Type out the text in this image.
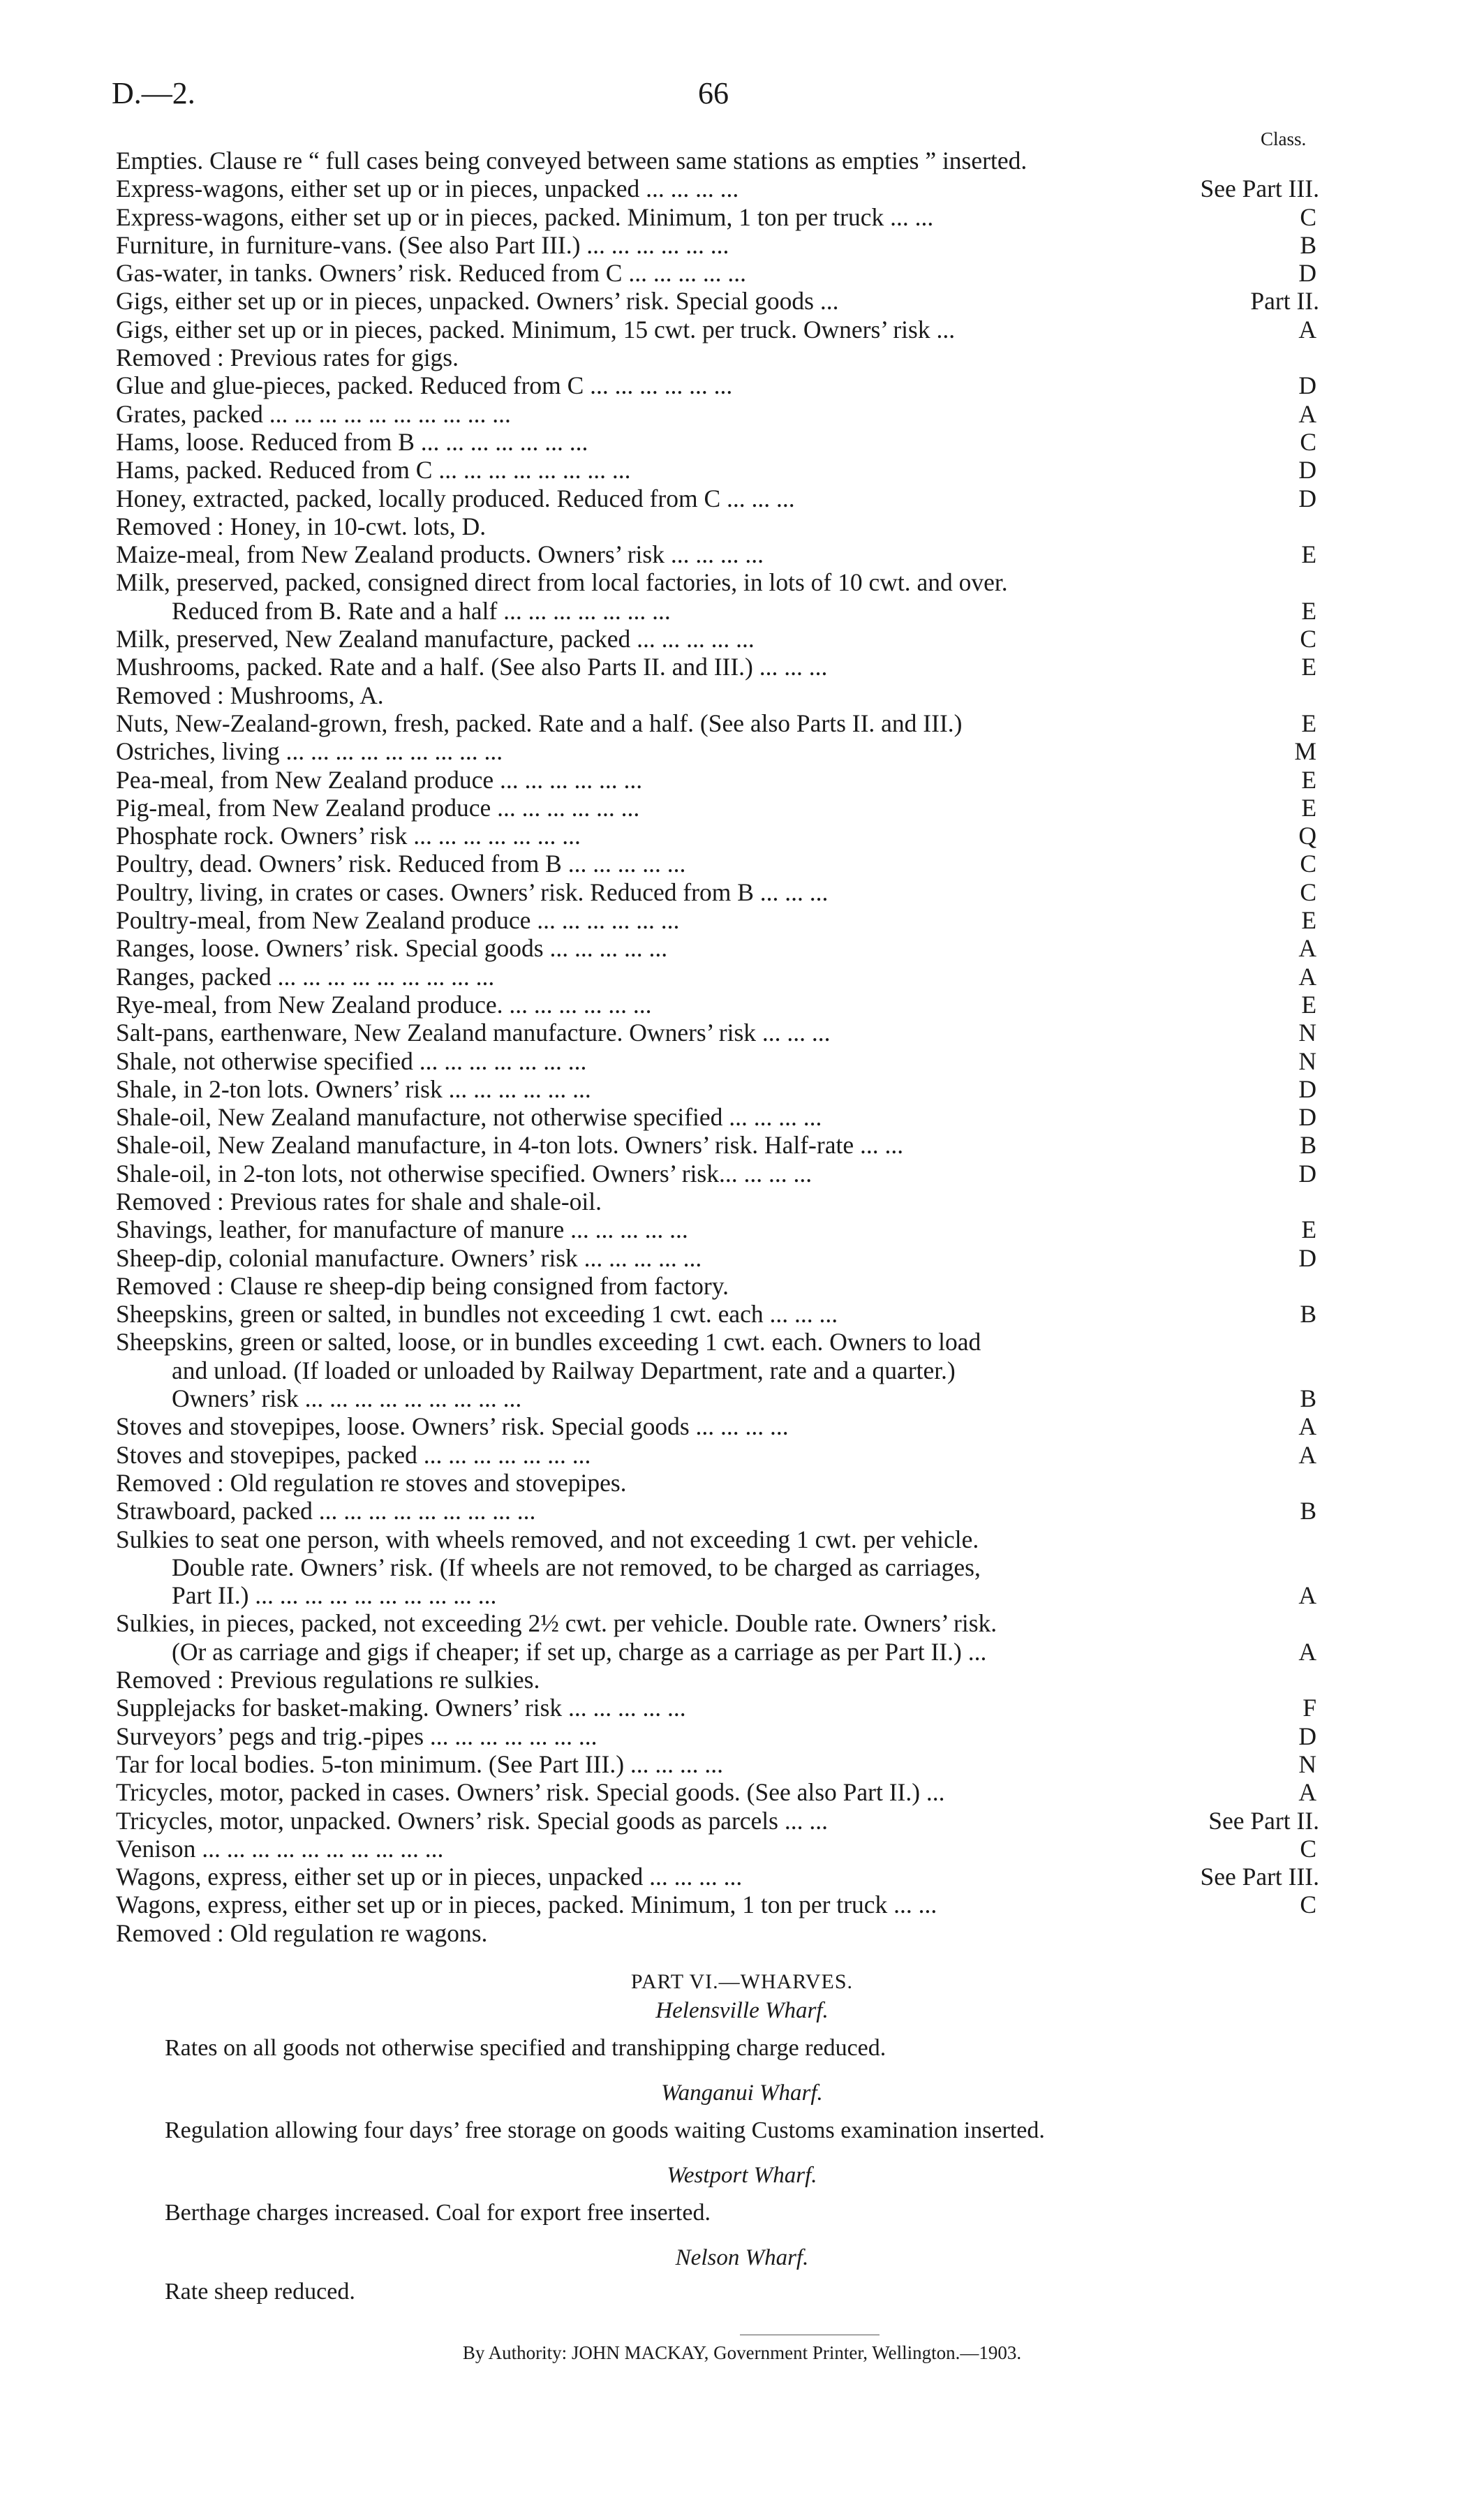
D.—2.	66
Class.
Empties. Clause re “ full cases being conveyed between same stations as empties ” inserted.
Express-wagons, either set up or in pieces, unpacked ... ... ... ...	See Part III.
Express-wagons, either set up or in pieces, packed. Minimum, 1 ton per truck ... ...	C
Furniture, in furniture-vans. (See also Part III.) ... ... ... ... ... ...	B
Gas-water, in tanks. Owners’ risk. Reduced from C ... ... ... ... ...	D
Gigs, either set up or in pieces, unpacked. Owners’ risk. Special goods ...	Part II.
Gigs, either set up or in pieces, packed. Minimum, 15 cwt. per truck. Owners’ risk ...	A
Removed : Previous rates for gigs.
Glue and glue-pieces, packed. Reduced from C ... ... ... ... ... ...	D
Grates, packed ... ... ... ... ... ... ... ... ... ...	A
Hams, loose. Reduced from B ... ... ... ... ... ... ...	C
Hams, packed. Reduced from C ... ... ... ... ... ... ... ...	D
Honey, extracted, packed, locally produced. Reduced from C ... ... ...	D
Removed : Honey, in 10-cwt. lots, D.
Maize-meal, from New Zealand products. Owners’ risk ... ... ... ...	E
Milk, preserved, packed, consigned direct from local factories, in lots of 10 cwt. and over.
Reduced from B. Rate and a half ... ... ... ... ... ... ...	E
Milk, preserved, New Zealand manufacture, packed ... ... ... ... ...	C
Mushrooms, packed. Rate and a half. (See also Parts II. and III.) ... ... ...	E
Removed : Mushrooms, A.
Nuts, New-Zealand-grown, fresh, packed. Rate and a half. (See also Parts II. and III.)	E
Ostriches, living ... ... ... ... ... ... ... ... ...	M
Pea-meal, from New Zealand produce ... ... ... ... ... ...	E
Pig-meal, from New Zealand produce ... ... ... ... ... ...	E
Phosphate rock. Owners’ risk ... ... ... ... ... ... ...	Q
Poultry, dead. Owners’ risk. Reduced from B ... ... ... ... ...	C
Poultry, living, in crates or cases. Owners’ risk. Reduced from B ... ... ...	C
Poultry-meal, from New Zealand produce ... ... ... ... ... ...	E
Ranges, loose. Owners’ risk. Special goods ... ... ... ... ...	A
Ranges, packed ... ... ... ... ... ... ... ... ...	A
Rye-meal, from New Zealand produce. ... ... ... ... ... ...	E
Salt-pans, earthenware, New Zealand manufacture. Owners’ risk ... ... ...	N
Shale, not otherwise specified ... ... ... ... ... ... ...	N
Shale, in 2-ton lots. Owners’ risk ... ... ... ... ... ...	D
Shale-oil, New Zealand manufacture, not otherwise specified ... ... ... ...	D
Shale-oil, New Zealand manufacture, in 4-ton lots. Owners’ risk. Half-rate ... ...	B
Shale-oil, in 2-ton lots, not otherwise specified. Owners’ risk... ... ... ...	D
Removed : Previous rates for shale and shale-oil.
Shavings, leather, for manufacture of manure ... ... ... ... ...	E
Sheep-dip, colonial manufacture. Owners’ risk ... ... ... ... ...	D
Removed : Clause re sheep-dip being consigned from factory.
Sheepskins, green or salted, in bundles not exceeding 1 cwt. each ... ... ...	B
Sheepskins, green or salted, loose, or in bundles exceeding 1 cwt. each. Owners to load
and unload. (If loaded or unloaded by Railway Department, rate and a quarter.)
Owners’ risk ... ... ... ... ... ... ... ... ...	B
Stoves and stovepipes, loose. Owners’ risk. Special goods ... ... ... ...	A
Stoves and stovepipes, packed ... ... ... ... ... ... ...	A
Removed : Old regulation re stoves and stovepipes.
Strawboard, packed ... ... ... ... ... ... ... ... ...	B
Sulkies to seat one person, with wheels removed, and not exceeding 1 cwt. per vehicle.
Double rate. Owners’ risk. (If wheels are not removed, to be charged as carriages,
Part II.) ... ... ... ... ... ... ... ... ... ...	A
Sulkies, in pieces, packed, not exceeding 2½ cwt. per vehicle. Double rate. Owners’ risk.
(Or as carriage and gigs if cheaper; if set up, charge as a carriage as per Part II.) ...	A
Removed : Previous regulations re sulkies.
Supplejacks for basket-making. Owners’ risk ... ... ... ... ...	F
Surveyors’ pegs and trig.-pipes ... ... ... ... ... ... ...	D
Tar for local bodies. 5-ton minimum. (See Part III.) ... ... ... ...	N
Tricycles, motor, packed in cases. Owners’ risk. Special goods. (See also Part II.) ...	A
Tricycles, motor, unpacked. Owners’ risk. Special goods as parcels ... ...	See Part II.
Venison ... ... ... ... ... ... ... ... ... ...	C
Wagons, express, either set up or in pieces, unpacked ... ... ... ...	See Part III.
Wagons, express, either set up or in pieces, packed. Minimum, 1 ton per truck ... ...	C
Removed : Old regulation re wagons.
PART VI.—WHARVES.
Helensville Wharf.
Rates on all goods not otherwise specified and transhipping charge reduced.
Wanganui Wharf.
Regulation allowing four days’ free storage on goods waiting Customs examination inserted.
Westport Wharf.
Berthage charges increased. Coal for export free inserted.
Nelson Wharf.
Rate sheep reduced.
By Authority: JOHN MACKAY, Government Printer, Wellington.—1903.
